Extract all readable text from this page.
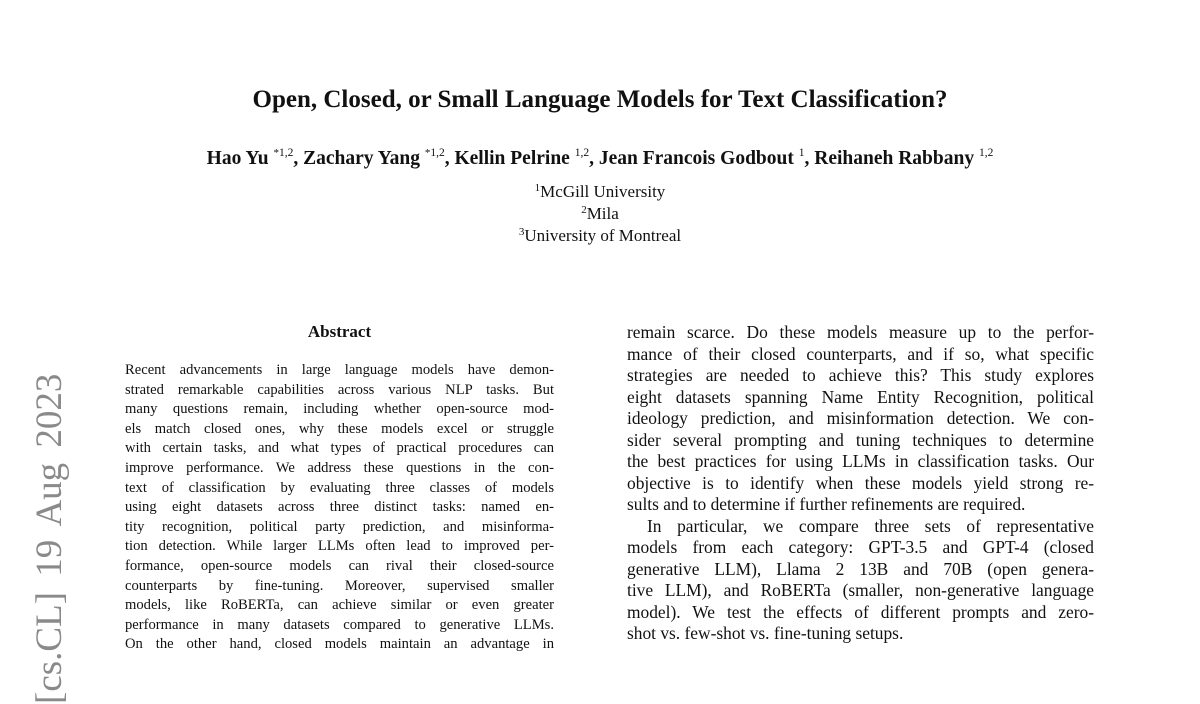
[cs.CL] 19 Aug 2023
Open, Closed, or Small Language Models for Text Classification?
Hao Yu $^{*1,2}$, Zachary Yang $^{*1,2}$, Kellin Pelrine $^{1,2}$, Jean Francois Godbout $^1$, Reihaneh Rabbany $^{1,2}$
$^1$McGill University
$^2$Mila
$^3$University of Montreal
Abstract
Recent advancements in large language models have demon-
strated remarkable capabilities across various NLP tasks. But
many questions remain, including whether open-source mod-
els match closed ones, why these models excel or struggle
with certain tasks, and what types of practical procedures can
improve performance. We address these questions in the con-
text of classification by evaluating three classes of models
using eight datasets across three distinct tasks: named en-
tity recognition, political party prediction, and misinforma-
tion detection. While larger LLMs often lead to improved per-
formance, open-source models can rival their closed-source
counterparts by fine-tuning. Moreover, supervised smaller
models, like RoBERTa, can achieve similar or even greater
performance in many datasets compared to generative LLMs.
On the other hand, closed models maintain an advantage in
remain scarce. Do these models measure up to the perfor-
mance of their closed counterparts, and if so, what specific
strategies are needed to achieve this? This study explores
eight datasets spanning Name Entity Recognition, political
ideology prediction, and misinformation detection. We con-
sider several prompting and tuning techniques to determine
the best practices for using LLMs in classification tasks. Our
objective is to identify when these models yield strong re-
sults and to determine if further refinements are required.
In particular, we compare three sets of representative
models from each category: GPT-3.5 and GPT-4 (closed
generative LLM), Llama 2 13B and 70B (open genera-
tive LLM), and RoBERTa (smaller, non-generative language
model). We test the effects of different prompts and zero-
shot vs. few-shot vs. fine-tuning setups.
